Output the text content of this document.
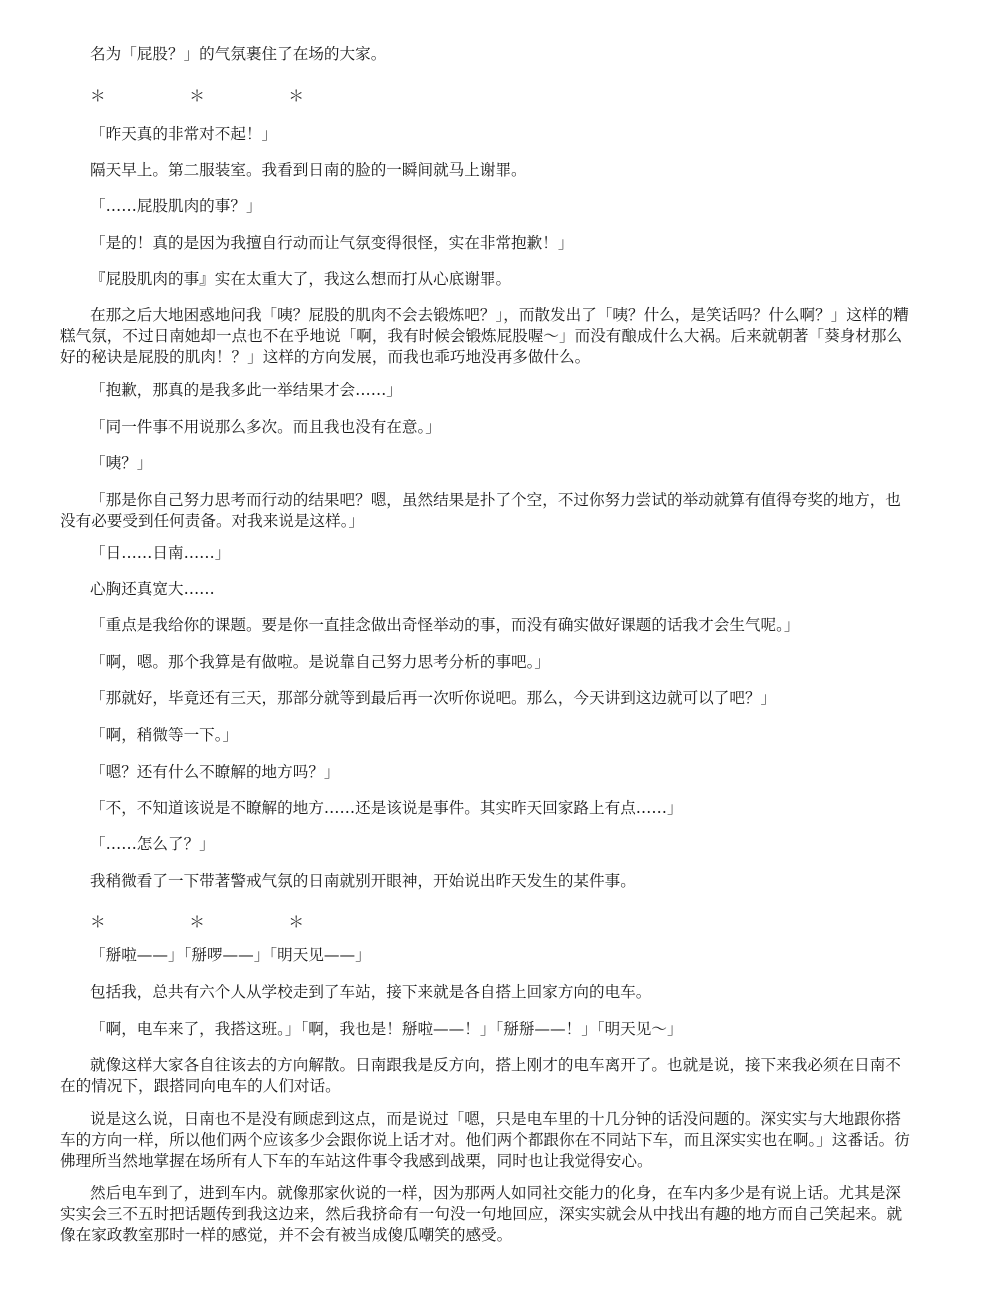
名为「屁股？」的气氛裹住了在场的大家。

＊　＊　＊

「昨天真的非常对不起！」

隔天早上。第二服装室。我看到日南的脸的一瞬间就马上谢罪。

「……屁股肌肉的事？」

「是的！真的是因为我擅自行动而让气氛变得很怪，实在非常抱歉！」

『屁股肌肉的事』实在太重大了，我这么想而打从心底谢罪。

在那之后大地困惑地问我「咦？屁股的肌肉不会去锻炼吧？」，而散发出了「咦？什么，是笑话吗？什么啊？」这样的糟糕气氛，不过日南她却一点也不在乎地说「啊，我有时候会锻炼屁股喔～」而没有酿成什么大祸。后来就朝著「葵身材那么好的秘诀是屁股的肌肉！？」这样的方向发展，而我也乖巧地没再多做什么。

「抱歉，那真的是我多此一举结果才会……」

「同一件事不用说那么多次。而且我也没有在意。」

「咦？」

「那是你自己努力思考而行动的结果吧？嗯，虽然结果是扑了个空，不过你努力尝试的举动就算有值得夸奖的地方，也没有必要受到任何责备。对我来说是这样。」

「日……日南……」

心胸还真宽大……

「重点是我给你的课题。要是你一直挂念做出奇怪举动的事，而没有确实做好课题的话我才会生气呢。」

「啊，嗯。那个我算是有做啦。是说靠自己努力思考分析的事吧。」

「那就好，毕竟还有三天，那部分就等到最后再一次听你说吧。那么，今天讲到这边就可以了吧？」

「啊，稍微等一下。」

「嗯？还有什么不瞭解的地方吗？」

「不，不知道该说是不瞭解的地方……还是该说是事件。其实昨天回家路上有点……」

「……怎么了？」

我稍微看了一下带著警戒气氛的日南就别开眼神，开始说出昨天发生的某件事。

＊　＊　＊

「掰啦——」「掰啰——」「明天见——」

包括我，总共有六个人从学校走到了车站，接下来就是各自搭上回家方向的电车。

「啊，电车来了，我搭这班。」「啊，我也是！掰啦——！」「掰掰——！」「明天见～」

就像这样大家各自往该去的方向解散。日南跟我是反方向，搭上刚才的电车离开了。也就是说，接下来我必须在日南不在的情况下，跟搭同向电车的人们对话。

说是这么说，日南也不是没有顾虑到这点，而是说过「嗯，只是电车里的十几分钟的话没问题的。深实实与大地跟你搭车的方向一样，所以他们两个应该多少会跟你说上话才对。他们两个都跟你在不同站下车，而且深实实也在啊。」这番话。彷佛理所当然地掌握在场所有人下车的车站这件事令我感到战栗，同时也让我觉得安心。

然后电车到了，进到车内。就像那家伙说的一样，因为那两人如同社交能力的化身，在车内多少是有说上话。尤其是深实实会三不五时把话题传到我这边来，然后我挤命有一句没一句地回应，深实实就会从中找出有趣的地方而自己笑起来。就像在家政教室那时一样的感觉，并不会有被当成傻瓜嘲笑的感受。
